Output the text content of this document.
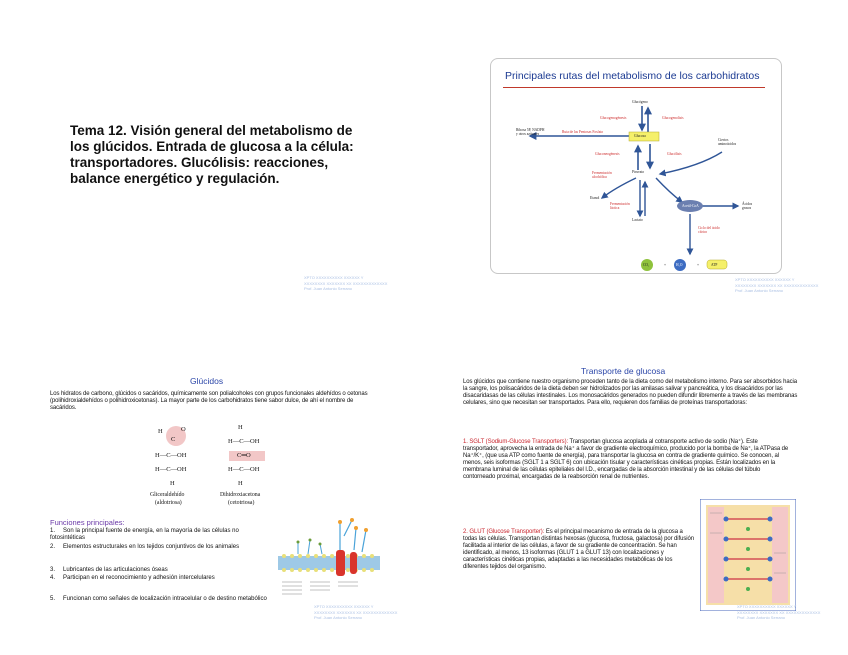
Tema 12. Visión general del metabolismo de los glúcidos. Entrada de glucosa a la célula: transportadores. Glucólisis: reacciones, balance energético y regulación.
XPTO XXXXXXXXXX XXXXXX Y
XXXXXXXX XXXXXXX XX XXXXXXXXXXXXX
Prof. Juan Antonio Serrano
Principales rutas del metabolismo de los carbohidratos
Glucógeno
Glucogenogénesis	Glucogenolisis
Ruta de las Pentosas Fosfato
Ribosa 5P, NADPH y otros azúcares	Glucosa
Gluconeogénesis	Glucólisis
Ciertos aminoácidos
Fermentación alcohólica
Piruvato
Etanol
Fermentación láctica
Lactato
Acetil-CoA	Ácidos grasos
Ciclo del ácido cítrico
CO₂	+	H₂O	+	ATP
XPTO XXXXXXXXXX XXXXXX Y
XXXXXXXX XXXXXXX XX XXXXXXXXXXXXX
Prof. Juan Antonio Serrano
Glúcidos
Los hidratos de carbono, glúcidos o sacáridos, químicamente son polialcoholes con grupos funcionales aldehídos o cetonas (polihidroxialdehídos o polihidroxicetonas). La mayor parte de los carbohidratos tiene sabor dulce, de ahí el nombre de sacáridos.
H
C
O
H—C—OH
H—C—OH
H
Gliceraldehído
(aldotriosa)
H
H—C—OH
C═O
H—C—OH
H
Dihidroxiacetona
(cetotriosa)
Funciones principales:
1. Son la principal fuente de energía, en la mayoría de las células no fotosintéticas
2. Elementos estructurales en los tejidos conjuntivos de los animales
3. Lubricantes de las articulaciones óseas
4. Participan en el reconocimiento y adhesión intercelulares
5. Funcionan como señales de localización intracelular o de destino metabólico
XPTO XXXXXXXXXX XXXXXX Y
XXXXXXXX XXXXXXX XX XXXXXXXXXXXXX
Prof. Juan Antonio Serrano
Transporte de glucosa
Los glúcidos que contiene nuestro organismo proceden tanto de la dieta como del metabolismo interno. Para ser absorbidos hacia la sangre, los polisacáridos de la dieta deben ser hidrolizados por las amilasas salivar y pancreática, y los disacáridos por las disacaridasas de las células intestinales. Los monosacáridos generados no pueden difundir libremente a través de las membranas celulares, sino que necesitan ser transportados. Para ello, requieren dos familias de proteínas transportadoras:
1. SGLT (Sodium-Glucose Transporters): Transportan glucosa acoplada al cotransporte activo de sodio (Na⁺). Este transportador, aprovecha la entrada de Na⁺ a favor de gradiente electroquímico, producido por la bomba de Na⁺, la ATPasa de Na⁺/K⁺, (que usa ATP como fuente de energía), para transportar la glucosa en contra de gradiente químico. Se conocen, al menos, seis isoformas (SGLT 1 a SGLT 6) con ubicación tisular y características cinéticas propias. Están localizados en la membrana luminal de las células epiteliales del I.D., encargadas de la absorción intestinal y de las células del túbulo contorneado proximal, encargadas de la reabsorción renal de nutrientes.
2. GLUT (Glucose Transporter): Es el principal mecanismo de entrada de la glucosa a todas las células. Transportan distintas hexosas (glucosa, fructosa, galactosa) por difusión facilitada al interior de las células, a favor de su gradiente de concentración. Se han identificado, al menos, 13 isoformas (GLUT 1 a GLUT 13) con localizaciones y características cinéticas propias, adaptadas a las necesidades metabólicas de los diferentes tejidos del organismo.
XPTO XXXXXXXXXX XXXXXX Y
XXXXXXXX XXXXXXX XX XXXXXXXXXXXXX
Prof. Juan Antonio Serrano
